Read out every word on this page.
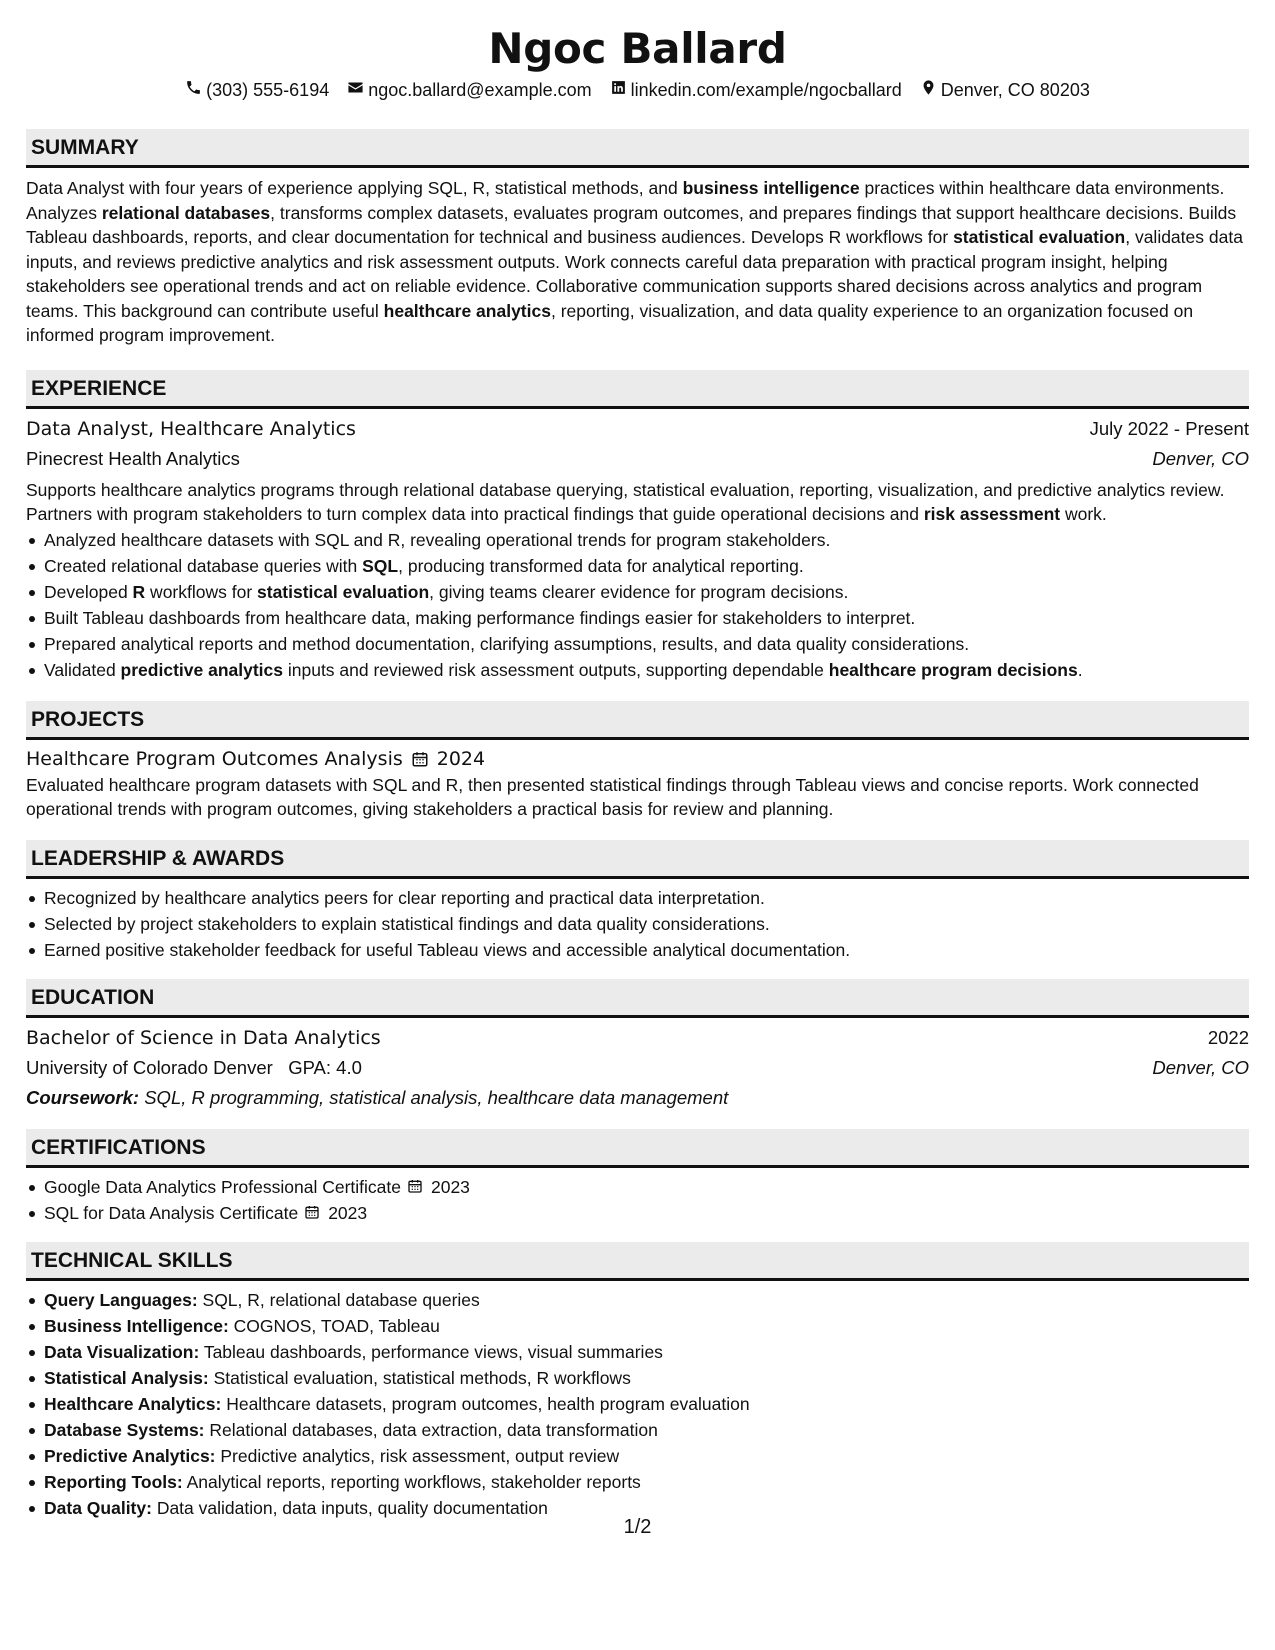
Ngoc Ballard
(303) 555-6194 ngoc.ballard@example.com linkedin.com/example/ngocballard Denver, CO 80203
SUMMARY

Data Analyst with four years of experience applying SQL, R, statistical methods, and business intelligence practices within healthcare data environments. Analyzes relational databases, transforms complex datasets, evaluates program outcomes, and prepares findings that support healthcare decisions. Builds Tableau dashboards, reports, and clear documentation for technical and business audiences. Develops R workflows for statistical evaluation, validates data inputs, and reviews predictive analytics and risk assessment outputs. Work connects careful data preparation with practical program insight, helping stakeholders see operational trends and act on reliable evidence. Collaborative communication supports shared decisions across analytics and program teams. This background can contribute useful healthcare analytics, reporting, visualization, and data quality experience to an organization focused on informed program improvement.

EXPERIENCE
Data Analyst, Healthcare Analytics	July 2022 - Present
Pinecrest Health Analytics	Denver, CO

Supports healthcare analytics programs through relational database querying, statistical evaluation, reporting, visualization, and predictive analytics review. Partners with program stakeholders to turn complex data into practical findings that guide operational decisions and risk assessment work.

Analyzed healthcare datasets with SQL and R, revealing operational trends for program stakeholders.
Created relational database queries with SQL, producing transformed data for analytical reporting.
Developed R workflows for statistical evaluation, giving teams clearer evidence for program decisions.
Built Tableau dashboards from healthcare data, making performance findings easier for stakeholders to interpret.
Prepared analytical reports and method documentation, clarifying assumptions, results, and data quality considerations.
Validated predictive analytics inputs and reviewed risk assessment outputs, supporting dependable healthcare program decisions.
PROJECTS
Healthcare Program Outcomes Analysis 2024

Evaluated healthcare program datasets with SQL and R, then presented statistical findings through Tableau views and concise reports. Work connected operational trends with program outcomes, giving stakeholders a practical basis for review and planning.

LEADERSHIP & AWARDS
Recognized by healthcare analytics peers for clear reporting and practical data interpretation.
Selected by project stakeholders to explain statistical findings and data quality considerations.
Earned positive stakeholder feedback for useful Tableau views and accessible analytical documentation.
EDUCATION
Bachelor of Science in Data Analytics	2022
University of Colorado Denver GPA: 4.0	Denver, CO
Coursework: SQL, R programming, statistical analysis, healthcare data management
CERTIFICATIONS
Google Data Analytics Professional Certificate 2023
SQL for Data Analysis Certificate 2023
TECHNICAL SKILLS
Query Languages: SQL, R, relational database queries
Business Intelligence: COGNOS, TOAD, Tableau
Data Visualization: Tableau dashboards, performance views, visual summaries
Statistical Analysis: Statistical evaluation, statistical methods, R workflows
Healthcare Analytics: Healthcare datasets, program outcomes, health program evaluation
Database Systems: Relational databases, data extraction, data transformation
Predictive Analytics: Predictive analytics, risk assessment, output review
Reporting Tools: Analytical reports, reporting workflows, stakeholder reports
Data Quality: Data validation, data inputs, quality documentation
1/2
